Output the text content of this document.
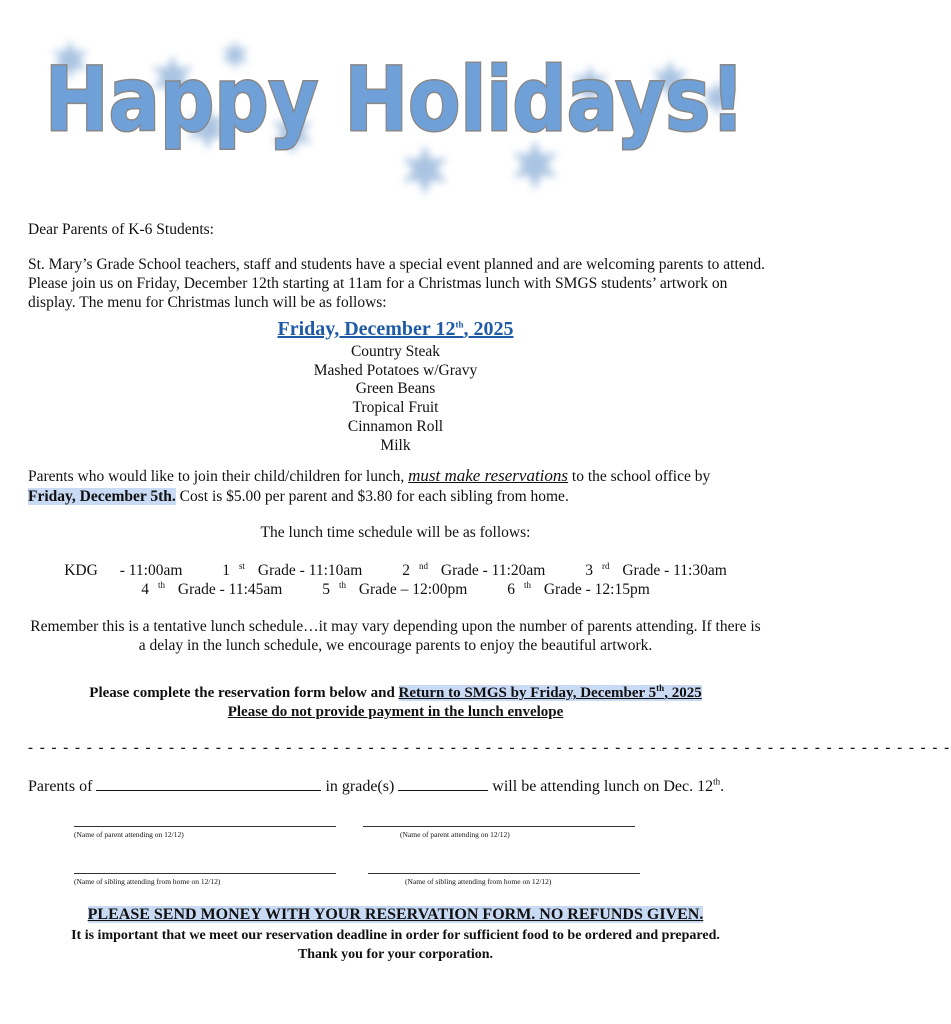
Happy Holidays!
Dear Parents of K-6 Students:
St. Mary’s Grade School teachers, staff and students have a special event planned and are welcoming parents to attend. Please join us on Friday, December 12th starting at 11am for a Christmas lunch with SMGS students’ artwork on display. The menu for Christmas lunch will be as follows:
Friday, December 12th, 2025
Country Steak
Mashed Potatoes w/Gravy
Green Beans
Tropical Fruit
Cinnamon Roll
Milk
Parents who would like to join their child/children for lunch, must make reservations to the school office by
Friday, December 5th. Cost is $5.00 per parent and $3.80 for each sibling from home.
The lunch time schedule will be as follows:
KDG - 11:00am	1 $^{st}$ Grade - 11:10am	2 $^{nd}$ Grade - 11:20am	3 $^{rd}$ Grade - 11:30am
4 $^{th}$ Grade - 11:45am	5 $^{th}$ Grade – 12:00pm	6 $^{th}$ Grade - 12:15pm
Remember this is a tentative lunch schedule…it may vary depending upon the number of parents attending. If there is a delay in the lunch schedule, we encourage parents to enjoy the beautiful artwork.
Please complete the reservation form below and Return to SMGS by Friday, December 5th, 2025
Please do not provide payment in the lunch envelope
- - - - - - - - - - - - - - - - - - - - - - - - - - - - - - - - - - - - - - - - - - - - - - - - - - - - - - - - - - - - - - - - - - - - - - - - - - - - - - -
Parents of	in grade(s)	will be attending lunch on Dec. 12th.
(Name of parent attending on 12/12)	(Name of parent attending on 12/12)
(Name of sibling attending from home on 12/12)	(Name of sibling attending from home on 12/12)
PLEASE SEND MONEY WITH YOUR RESERVATION FORM. NO REFUNDS GIVEN.
It is important that we meet our reservation deadline in order for sufficient food to be ordered and prepared.
Thank you for your corporation.
